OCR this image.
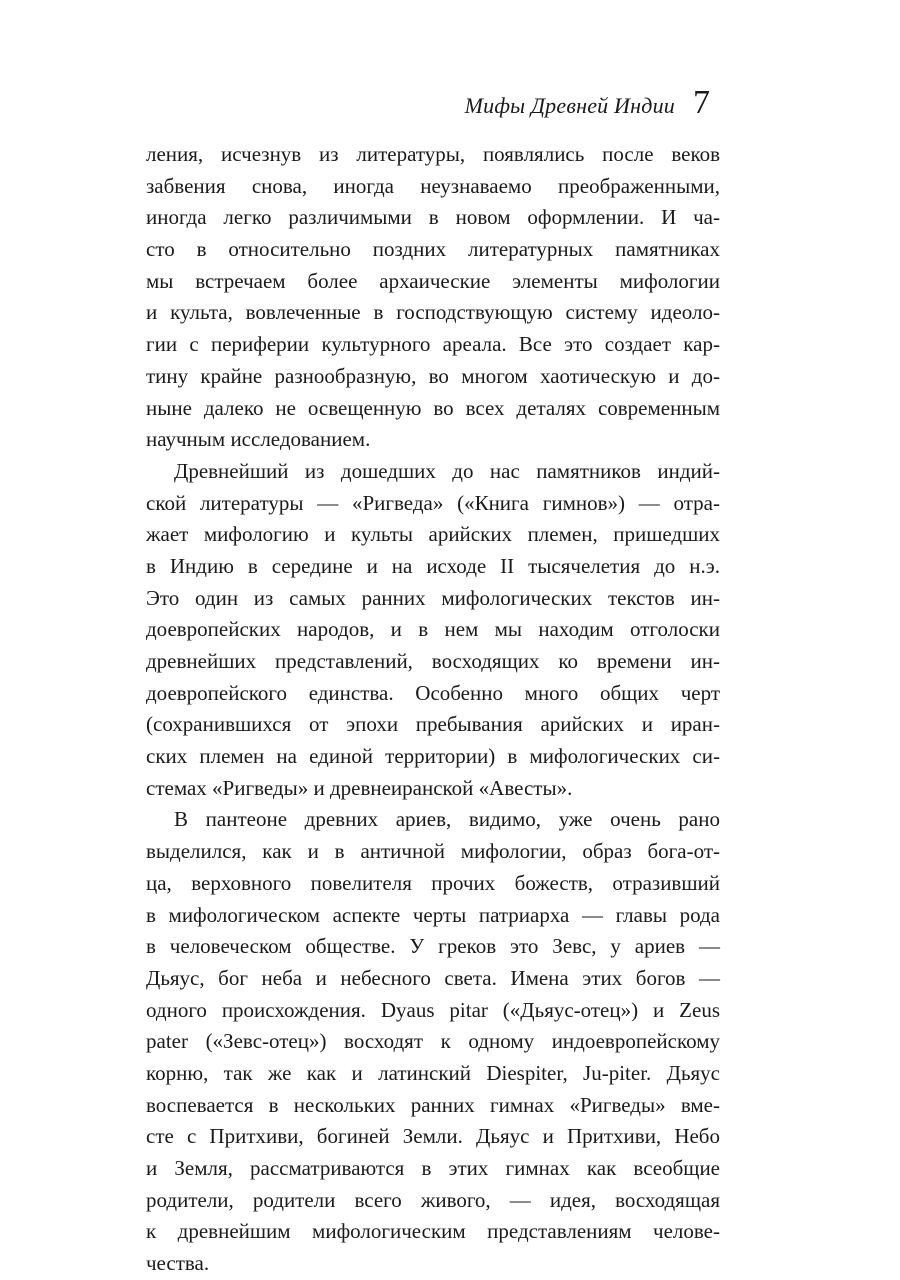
Мифы Древней Индии 7
ления, исчезнув из литературы, появлялись после веков
забвения снова, иногда неузнаваемо преображенными,
иногда легко различимыми в новом оформлении. И ча-
сто в относительно поздних литературных памятниках
мы встречаем более архаические элементы мифологии
и культа, вовлеченные в господствующую систему идеоло-
гии с периферии культурного ареала. Все это создает кар-
тину крайне разнообразную, во многом хаотическую и до-
ныне далеко не освещенную во всех деталях современным
научным исследованием.
Древнейший из дошедших до нас памятников индий-
ской литературы — «Ригведа» («Книга гимнов») — отра-
жает мифологию и культы арийских племен, пришедших
в Индию в середине и на исходе II тысячелетия до н.э.
Это один из самых ранних мифологических текстов ин-
доевропейских народов, и в нем мы находим отголоски
древнейших представлений, восходящих ко времени ин-
доевропейского единства. Особенно много общих черт
(сохранившихся от эпохи пребывания арийских и иран-
ских племен на единой территории) в мифологических си-
стемах «Ригведы» и древнеиранской «Авесты».
В пантеоне древних ариев, видимо, уже очень рано
выделился, как и в античной мифологии, образ бога-от-
ца, верховного повелителя прочих божеств, отразивший
в мифологическом аспекте черты патриарха — главы рода
в человеческом обществе. У греков это Зевс, у ариев —
Дьяус, бог неба и небесного света. Имена этих богов —
одного происхождения. Dyaus pitar («Дьяус-отец») и Zeus
pater («Зевс-отец») восходят к одному индоевропейскому
корню, так же как и латинский Diespiter, Ju-piter. Дьяус
воспевается в нескольких ранних гимнах «Ригведы» вме-
сте с Притхиви, богиней Земли. Дьяус и Притхиви, Небо
и Земля, рассматриваются в этих гимнах как всеобщие
родители, родители всего живого, — идея, восходящая
к древнейшим мифологическим представлениям челове-
чества.
